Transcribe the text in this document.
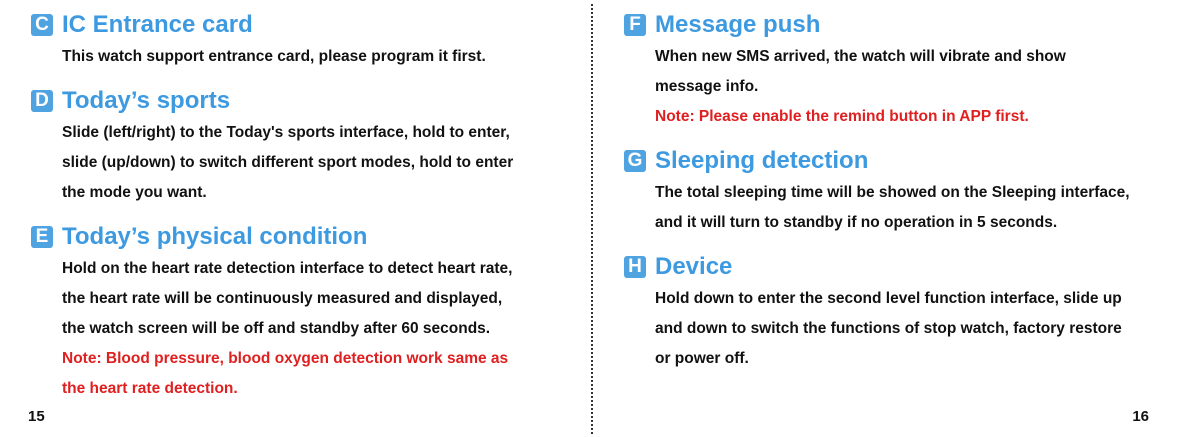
C IC Entrance card
This watch support entrance card, please program it first.
D Today’s sports
Slide (left/right) to the Today's sports interface, hold to enter,
slide (up/down) to switch different sport modes, hold to enter
the mode you want.
E Today’s physical condition
Hold on the heart rate detection interface to detect heart rate,
the heart rate will be continuously measured and displayed,
the watch screen will be off and standby after 60 seconds.
Note: Blood pressure, blood oxygen detection work same as
the heart rate detection.
15
F Message push
When new SMS arrived, the watch will vibrate and show
message info.
Note: Please enable the remind button in APP first.
G Sleeping detection
The total sleeping time will be showed on the Sleeping interface,
and it will turn to standby if no operation in 5 seconds.
H Device
Hold down to enter the second level function interface, slide up
and down to switch the functions of stop watch, factory restore
or power off.
16
